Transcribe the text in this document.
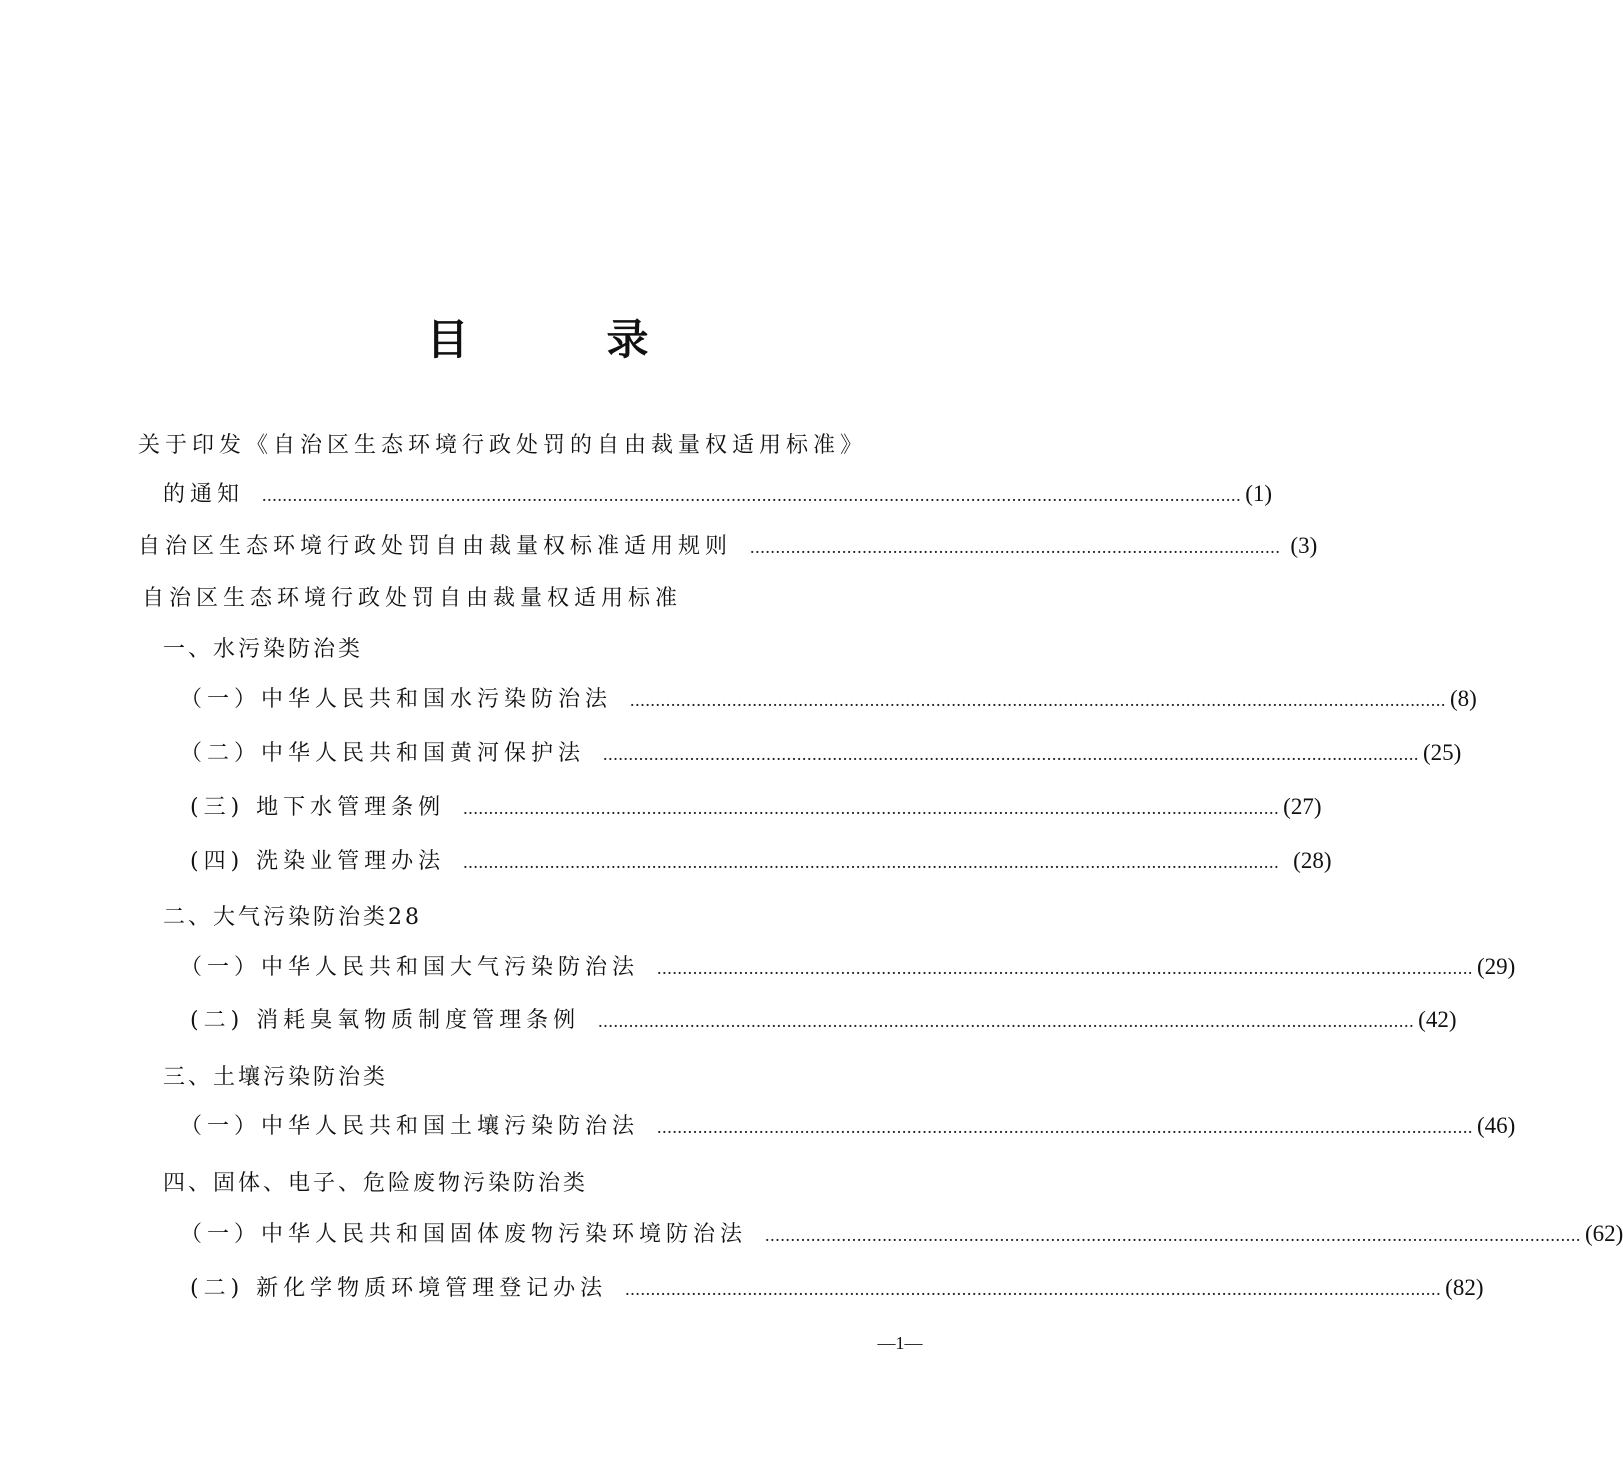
目　录
关于印发《自治区生态环境行政处罚的自由裁量权适用标准》
的通知 ................................................................................................................................................................................................ (1)
自治区生态环境行政处罚自由裁量权标准适用规则 ........................................................................................................ (3)
自治区生态环境行政处罚自由裁量权适用标准
一、水污染防治类
（一）中华人民共和国水污染防治法 ................................................................................................................................................................ (8)
（二）中华人民共和国黄河保护法 ................................................................................................................................................................ (25)
(三) 地下水管理条例 ................................................................................................................................................................ (27)
(四) 洗染业管理办法 ................................................................................................................................................................ (28)
二、大气污染防治类28
（一）中华人民共和国大气污染防治法 ................................................................................................................................................................ (29)
(二) 消耗臭氧物质制度管理条例 ................................................................................................................................................................ (42)
三、土壤污染防治类
（一）中华人民共和国土壤污染防治法 ................................................................................................................................................................ (46)
四、固体、电子、危险废物污染防治类
（一）中华人民共和国固体废物污染环境防治法 ................................................................................................................................................................ (62)
(二) 新化学物质环境管理登记办法 ................................................................................................................................................................ (82)
—1—
